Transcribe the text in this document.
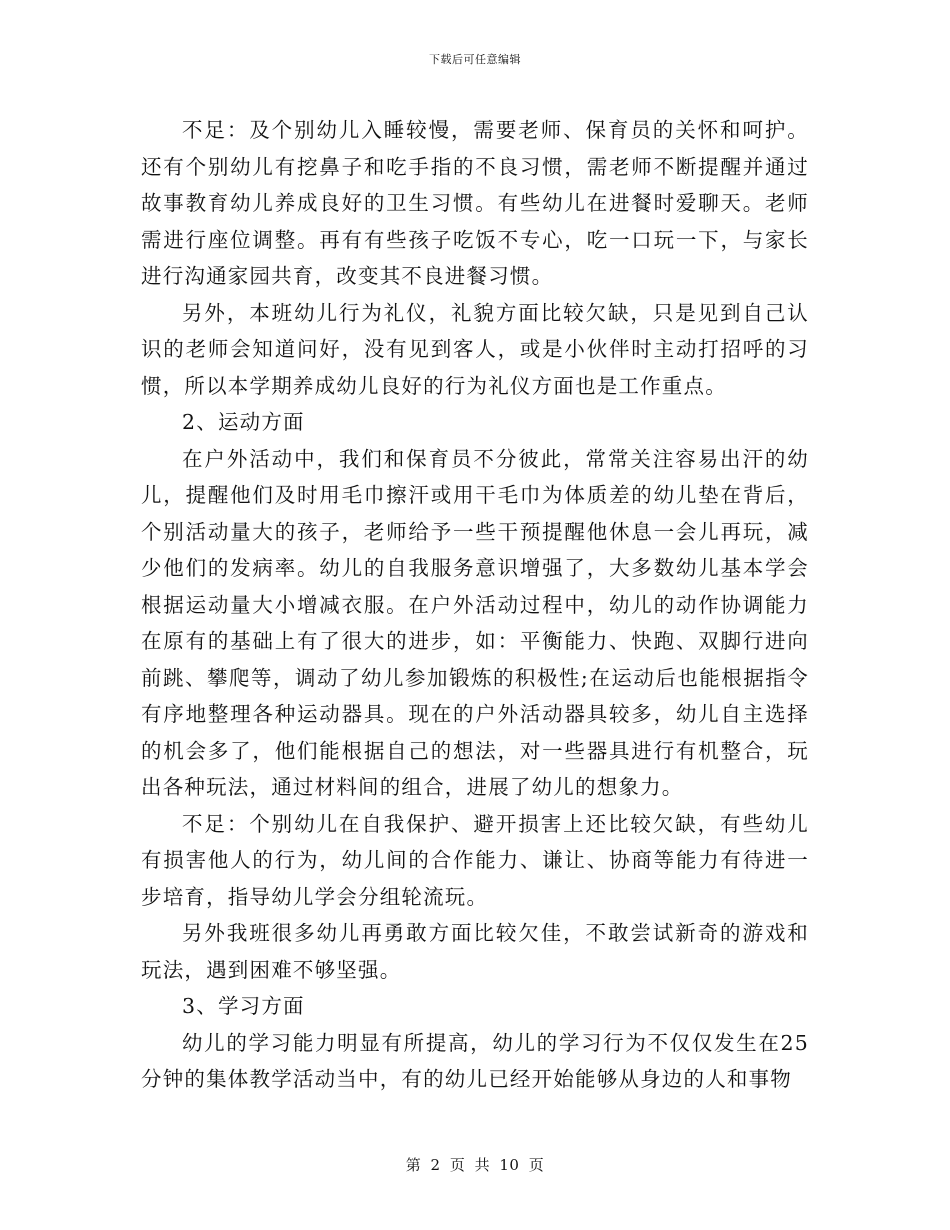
下载后可任意编辑

不足：及个别幼儿入睡较慢，需要老师、保育员的关怀和呵护。还有个别幼儿有挖鼻子和吃手指的不良习惯，需老师不断提醒并通过故事教育幼儿养成良好的卫生习惯。有些幼儿在进餐时爱聊天。老师需进行座位调整。再有有些孩子吃饭不专心，吃一口玩一下，与家长进行沟通家园共育，改变其不良进餐习惯。

另外，本班幼儿行为礼仪，礼貌方面比较欠缺，只是见到自己认识的老师会知道问好，没有见到客人，或是小伙伴时主动打招呼的习惯，所以本学期养成幼儿良好的行为礼仪方面也是工作重点。

2、运动方面

在户外活动中，我们和保育员不分彼此，常常关注容易出汗的幼儿，提醒他们及时用毛巾擦汗或用干毛巾为体质差的幼儿垫在背后，个别活动量大的孩子，老师给予一些干预提醒他休息一会儿再玩，减少他们的发病率。幼儿的自我服务意识增强了，大多数幼儿基本学会根据运动量大小增减衣服。在户外活动过程中，幼儿的动作协调能力在原有的基础上有了很大的进步，如：平衡能力、快跑、双脚行进向前跳、攀爬等，调动了幼儿参加锻炼的积极性;在运动后也能根据指令有序地整理各种运动器具。现在的户外活动器具较多，幼儿自主选择的机会多了，他们能根据自己的想法，对一些器具进行有机整合，玩出各种玩法，通过材料间的组合，进展了幼儿的想象力。

不足：个别幼儿在自我保护、避开损害上还比较欠缺，有些幼儿有损害他人的行为，幼儿间的合作能力、谦让、协商等能力有待进一步培育，指导幼儿学会分组轮流玩。

另外我班很多幼儿再勇敢方面比较欠佳，不敢尝试新奇的游戏和玩法，遇到困难不够坚强。

3、学习方面

幼儿的学习能力明显有所提高，幼儿的学习行为不仅仅发生在25分钟的集体教学活动当中，有的幼儿已经开始能够从身边的人和事物

第 2 页 共 10 页
